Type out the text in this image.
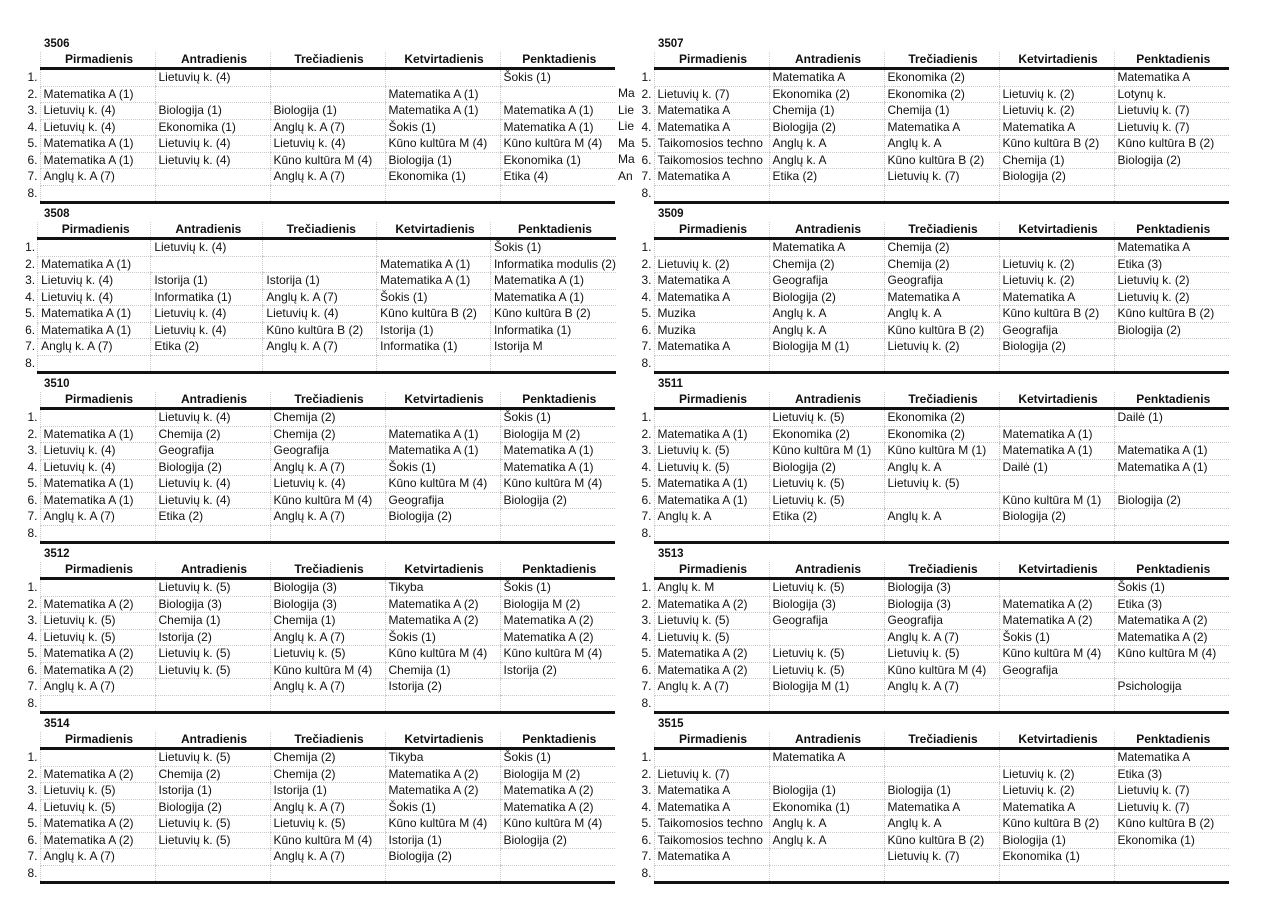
3506
	Pirmadienis	Antradienis	Trečiadienis	Ketvirtadienis	Penktadienis
1.		Lietuvių k. (4)			Šokis (1)
2.	Matematika A (1)			Matematika A (1)	
3.	Lietuvių k. (4)	Biologija (1)	Biologija (1)	Matematika A (1)	Matematika A (1)
4.	Lietuvių k. (4)	Ekonomika (1)	Anglų k. A (7)	Šokis (1)	Matematika A (1)
5.	Matematika A (1)	Lietuvių k. (4)	Lietuvių k. (4)	Kūno kultūra M (4)	Kūno kultūra M (4)
6.	Matematika A (1)	Lietuvių k. (4)	Kūno kultūra M (4)	Biologija (1)	Ekonomika (1)
7.	Anglų k. A (7)		Anglų k. A (7)	Ekonomika (1)	Etika (4)
8.					
3507
	Pirmadienis	Antradienis	Trečiadienis	Ketvirtadienis	Penktadienis

1.		Matematika A	Ekonomika (2)		Matematika A

Ma 2.	Lietuvių k. (7)	Ekonomika (2)	Ekonomika (2)	Lietuvių k. (2)	Lotynų k.

Lie 3.	Matematika A	Chemija (1)	Chemija (1)	Lietuvių k. (2)	Lietuvių k. (7)

Lie 4.	Matematika A	Biologija (2)	Matematika A	Matematika A	Lietuvių k. (7)

Ma 5.	Taikomosios techno	Anglų k. A	Anglų k. A	Kūno kultūra B (2)	Kūno kultūra B (2)

Ma 6.	Taikomosios techno	Anglų k. A	Kūno kultūra B (2)	Chemija (1)	Biologija (2)

An 7.	Matematika A	Etika (2)	Lietuvių k. (7)	Biologija (2)	

8.					
3508
	Pirmadienis	Antradienis	Trečiadienis	Ketvirtadienis	Penktadienis
1.		Lietuvių k. (4)			Šokis (1)
2.	Matematika A (1)			Matematika A (1)	Informatika modulis (2)
3.	Lietuvių k. (4)	Istorija (1)	Istorija (1)	Matematika A (1)	Matematika A (1)
4.	Lietuvių k. (4)	Informatika (1)	Anglų k. A (7)	Šokis (1)	Matematika A (1)
5.	Matematika A (1)	Lietuvių k. (4)	Lietuvių k. (4)	Kūno kultūra B (2)	Kūno kultūra B (2)
6.	Matematika A (1)	Lietuvių k. (4)	Kūno kultūra B (2)	Istorija (1)	Informatika (1)
7.	Anglų k. A (7)	Etika (2)	Anglų k. A (7)	Informatika (1)	Istorija M
8.					
3509
	Pirmadienis	Antradienis	Trečiadienis	Ketvirtadienis	Penktadienis
1.		Matematika A	Chemija (2)		Matematika A
2.	Lietuvių k. (2)	Chemija (2)	Chemija (2)	Lietuvių k. (2)	Etika (3)
3.	Matematika A	Geografija	Geografija	Lietuvių k. (2)	Lietuvių k. (2)
4.	Matematika A	Biologija (2)	Matematika A	Matematika A	Lietuvių k. (2)
5.	Muzika	Anglų k. A	Anglų k. A	Kūno kultūra B (2)	Kūno kultūra B (2)
6.	Muzika	Anglų k. A	Kūno kultūra B (2)	Geografija	Biologija (2)
7.	Matematika A	Biologija M (1)	Lietuvių k. (2)	Biologija (2)	
8.					
3510
	Pirmadienis	Antradienis	Trečiadienis	Ketvirtadienis	Penktadienis
1.		Lietuvių k. (4)	Chemija (2)		Šokis (1)
2.	Matematika A (1)	Chemija (2)	Chemija (2)	Matematika A (1)	Biologija M (2)
3.	Lietuvių k. (4)	Geografija	Geografija	Matematika A (1)	Matematika A (1)
4.	Lietuvių k. (4)	Biologija (2)	Anglų k. A (7)	Šokis (1)	Matematika A (1)
5.	Matematika A (1)	Lietuvių k. (4)	Lietuvių k. (4)	Kūno kultūra M (4)	Kūno kultūra M (4)
6.	Matematika A (1)	Lietuvių k. (4)	Kūno kultūra M (4)	Geografija	Biologija (2)
7.	Anglų k. A (7)	Etika (2)	Anglų k. A (7)	Biologija (2)	
8.					
3511
	Pirmadienis	Antradienis	Trečiadienis	Ketvirtadienis	Penktadienis
1.		Lietuvių k. (5)	Ekonomika (2)		Dailė (1)
2.	Matematika A (1)	Ekonomika (2)	Ekonomika (2)	Matematika A (1)	
3.	Lietuvių k. (5)	Kūno kultūra M (1)	Kūno kultūra M (1)	Matematika A (1)	Matematika A (1)
4.	Lietuvių k. (5)	Biologija (2)	Anglų k. A	Dailė (1)	Matematika A (1)
5.	Matematika A (1)	Lietuvių k. (5)	Lietuvių k. (5)		
6.	Matematika A (1)	Lietuvių k. (5)		Kūno kultūra M (1)	Biologija (2)
7.	Anglų k. A	Etika (2)	Anglų k. A	Biologija (2)	
8.					
3512
	Pirmadienis	Antradienis	Trečiadienis	Ketvirtadienis	Penktadienis
1.		Lietuvių k. (5)	Biologija (3)	Tikyba	Šokis (1)
2.	Matematika A (2)	Biologija (3)	Biologija (3)	Matematika A (2)	Biologija M (2)
3.	Lietuvių k. (5)	Chemija (1)	Chemija (1)	Matematika A (2)	Matematika A (2)
4.	Lietuvių k. (5)	Istorija (2)	Anglų k. A (7)	Šokis (1)	Matematika A (2)
5.	Matematika A (2)	Lietuvių k. (5)	Lietuvių k. (5)	Kūno kultūra M (4)	Kūno kultūra M (4)
6.	Matematika A (2)	Lietuvių k. (5)	Kūno kultūra M (4)	Chemija (1)	Istorija (2)
7.	Anglų k. A (7)		Anglų k. A (7)	Istorija (2)	
8.					
3513
	Pirmadienis	Antradienis	Trečiadienis	Ketvirtadienis	Penktadienis
1.	Anglų k. M	Lietuvių k. (5)	Biologija (3)		Šokis (1)
2.	Matematika A (2)	Biologija (3)	Biologija (3)	Matematika A (2)	Etika (3)
3.	Lietuvių k. (5)	Geografija	Geografija	Matematika A (2)	Matematika A (2)
4.	Lietuvių k. (5)		Anglų k. A (7)	Šokis (1)	Matematika A (2)
5.	Matematika A (2)	Lietuvių k. (5)	Lietuvių k. (5)	Kūno kultūra M (4)	Kūno kultūra M (4)
6.	Matematika A (2)	Lietuvių k. (5)	Kūno kultūra M (4)	Geografija	
7.	Anglų k. A (7)	Biologija M (1)	Anglų k. A (7)		Psichologija
8.					
3514
	Pirmadienis	Antradienis	Trečiadienis	Ketvirtadienis	Penktadienis
1.		Lietuvių k. (5)	Chemija (2)	Tikyba	Šokis (1)
2.	Matematika A (2)	Chemija (2)	Chemija (2)	Matematika A (2)	Biologija M (2)
3.	Lietuvių k. (5)	Istorija (1)	Istorija (1)	Matematika A (2)	Matematika A (2)
4.	Lietuvių k. (5)	Biologija (2)	Anglų k. A (7)	Šokis (1)	Matematika A (2)
5.	Matematika A (2)	Lietuvių k. (5)	Lietuvių k. (5)	Kūno kultūra M (4)	Kūno kultūra M (4)
6.	Matematika A (2)	Lietuvių k. (5)	Kūno kultūra M (4)	Istorija (1)	Biologija (2)
7.	Anglų k. A (7)		Anglų k. A (7)	Biologija (2)	
8.					
3515
	Pirmadienis	Antradienis	Trečiadienis	Ketvirtadienis	Penktadienis
1.		Matematika A			Matematika A
2.	Lietuvių k. (7)			Lietuvių k. (2)	Etika (3)
3.	Matematika A	Biologija (1)	Biologija (1)	Lietuvių k. (2)	Lietuvių k. (7)
4.	Matematika A	Ekonomika (1)	Matematika A	Matematika A	Lietuvių k. (7)
5.	Taikomosios techno	Anglų k. A	Anglų k. A	Kūno kultūra B (2)	Kūno kultūra B (2)
6.	Taikomosios techno	Anglų k. A	Kūno kultūra B (2)	Biologija (1)	Ekonomika (1)
7.	Matematika A		Lietuvių k. (7)	Ekonomika (1)	
8.					
